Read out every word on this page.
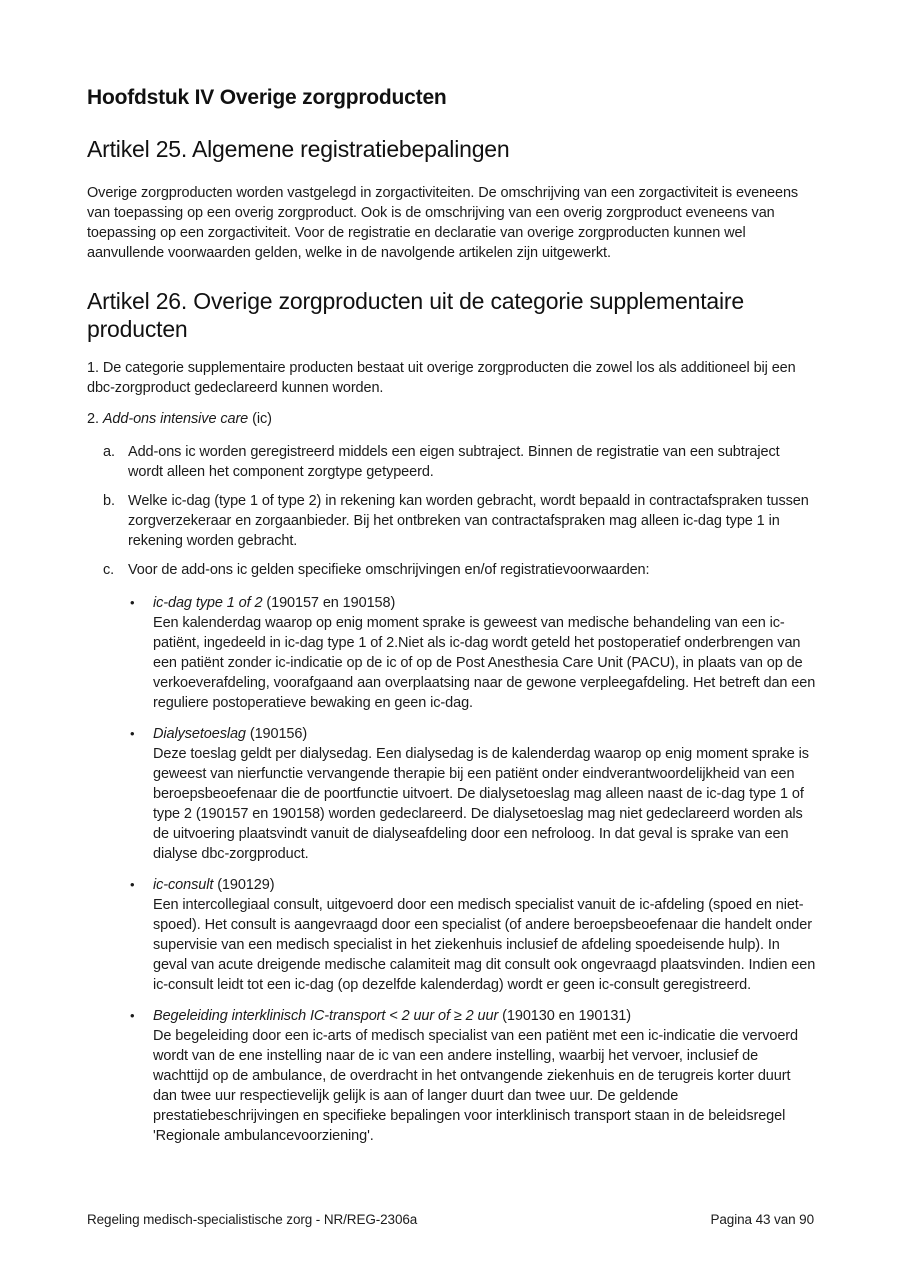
Hoofdstuk IV Overige zorgproducten
Artikel 25. Algemene registratiebepalingen

Overige zorgproducten worden vastgelegd in zorgactiviteiten. De omschrijving van een zorgactiviteit is eveneens van toepassing op een overig zorgproduct. Ook is de omschrijving van een overig zorgproduct eveneens van toepassing op een zorgactiviteit. Voor de registratie en declaratie van overige zorgproducten kunnen wel aanvullende voorwaarden gelden, welke in de navolgende artikelen zijn uitgewerkt.

Artikel 26. Overige zorgproducten uit de categorie supplementaire producten

1. De categorie supplementaire producten bestaat uit overige zorgproducten die zowel los als additioneel bij een dbc-zorgproduct gedeclareerd kunnen worden.

2. Add-ons intensive care (ic)

a. Add-ons ic worden geregistreerd middels een eigen subtraject. Binnen de registratie van een subtraject wordt alleen het component zorgtype getypeerd.
b. Welke ic-dag (type 1 of type 2) in rekening kan worden gebracht, wordt bepaald in contractafspraken tussen zorgverzekeraar en zorgaanbieder. Bij het ontbreken van contractafspraken mag alleen ic-dag type 1 in rekening worden gebracht.
c. Voor de add-ons ic gelden specifieke omschrijvingen en/of registratievoorwaarden:
•	ic-dag type 1 of 2 (190157 en 190158)
Een kalenderdag waarop op enig moment sprake is geweest van medische behandeling van een ic-patiënt, ingedeeld in ic-dag type 1 of 2.Niet als ic-dag wordt geteld het postoperatief onderbrengen van een patiënt zonder ic-indicatie op de ic of op de Post Anesthesia Care Unit (PACU), in plaats van op de verkoeverafdeling, voorafgaand aan overplaatsing naar de gewone verpleegafdeling. Het betreft dan een reguliere postoperatieve bewaking en geen ic-dag.
•	Dialysetoeslag (190156)
Deze toeslag geldt per dialysedag. Een dialysedag is de kalenderdag waarop op enig moment sprake is geweest van nierfunctie vervangende therapie bij een patiënt onder eindverantwoordelijkheid van een beroepsbeoefenaar die de poortfunctie uitvoert. De dialysetoeslag mag alleen naast de ic-dag type 1 of type 2 (190157 en 190158) worden gedeclareerd. De dialysetoeslag mag niet gedeclareerd worden als de uitvoering plaatsvindt vanuit de dialyseafdeling door een nefroloog. In dat geval is sprake van een dialyse dbc-zorgproduct.
•	ic-consult (190129)
Een intercollegiaal consult, uitgevoerd door een medisch specialist vanuit de ic-afdeling (spoed en niet-spoed). Het consult is aangevraagd door een specialist (of andere beroepsbeoefenaar die handelt onder supervisie van een medisch specialist in het ziekenhuis inclusief de afdeling spoedeisende hulp). In geval van acute dreigende medische calamiteit mag dit consult ook ongevraagd plaatsvinden. Indien een ic-consult leidt tot een ic-dag (op dezelfde kalenderdag) wordt er geen ic-consult geregistreerd.
•	Begeleiding interklinisch IC-transport < 2 uur of ≥ 2 uur (190130 en 190131)
De begeleiding door een ic-arts of medisch specialist van een patiënt met een ic-indicatie die vervoerd wordt van de ene instelling naar de ic van een andere instelling, waarbij het vervoer, inclusief de wachttijd op de ambulance, de overdracht in het ontvangende ziekenhuis en de terugreis korter duurt dan twee uur respectievelijk gelijk is aan of langer duurt dan twee uur. De geldende prestatiebeschrijvingen en specifieke bepalingen voor interklinisch transport staan in de beleidsregel 'Regionale ambulancevoorziening'.
Regeling medisch-specialistische zorg - NR/REG-2306a	Pagina 43 van 90
